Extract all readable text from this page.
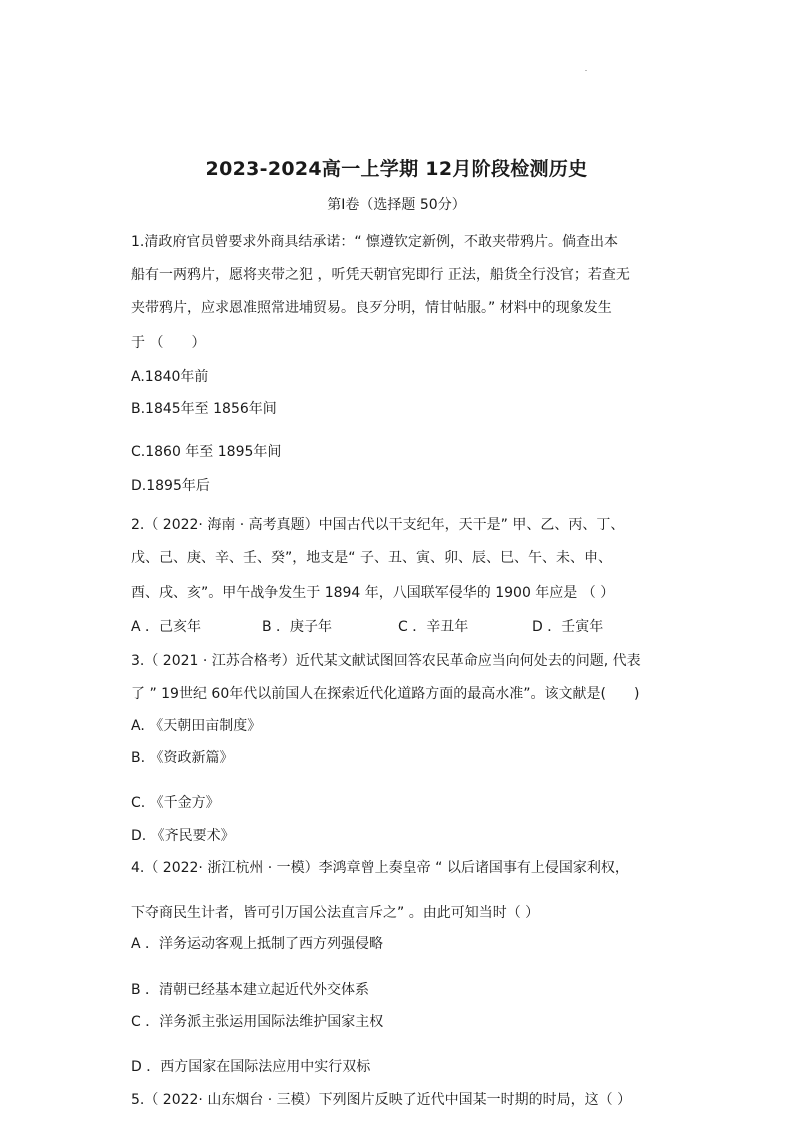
2023-2024高一上学期 12月阶段检测历史
第Ⅰ卷（选择题 50分）
1.清政府官员曾要求外商具结承诺：“ 懔遵钦定新例，不敢夹带鸦片。倘查出本
船有一两鸦片，愿将夹带之犯 ，听凭天朝官宪即行 正法，船货全行没官；若查无
夹带鸦片，应求恩准照常进埔贸易。良歹分明，情甘帖服。” 材料中的现象发生
于 （　　）
A.1840年前
B.1845年至 1856年间
C.1860 年至 1895年间
D.1895年后
2.（ 2022· 海南 · 高考真题）中国古代以干支纪年，天干是” 甲、乙、丙、丁、
戊、己、庚、辛、壬、癸”，地支是“ 子、丑、寅、卯、辰、巳、午、未、申、
酉、戌、亥”。甲午战争发生于 1894 年，八国联军侵华的 1900 年应是 （ ）
A ．己亥年	B ．庚子年	C ．辛丑年	D ．壬寅年
3.（ 2021 · 江苏合格考）近代某文献试图回答农民革命应当向何处去的问题, 代表
了 ” 19世纪 60年代以前国人在探索近代化道路方面的最高水准”。该文献是(　　)
A. 《天朝田亩制度》
B. 《资政新篇》
C. 《千金方》
D. 《齐民要术》
4.（ 2022· 浙江杭州 · 一模）李鸿章曾上奏皇帝 “ 以后诸国事有上侵国家利权，
下夺商民生计者，皆可引万国公法直言斥之” 。由此可知当时（ ）
A ．洋务运动客观上抵制了西方列强侵略
B ．清朝已经基本建立起近代外交体系
C ．洋务派主张运用国际法维护国家主权
D ．西方国家在国际法应用中实行双标
5.（ 2022· 山东烟台 · 三模）下列图片反映了近代中国某一时期的时局，这（ ）
